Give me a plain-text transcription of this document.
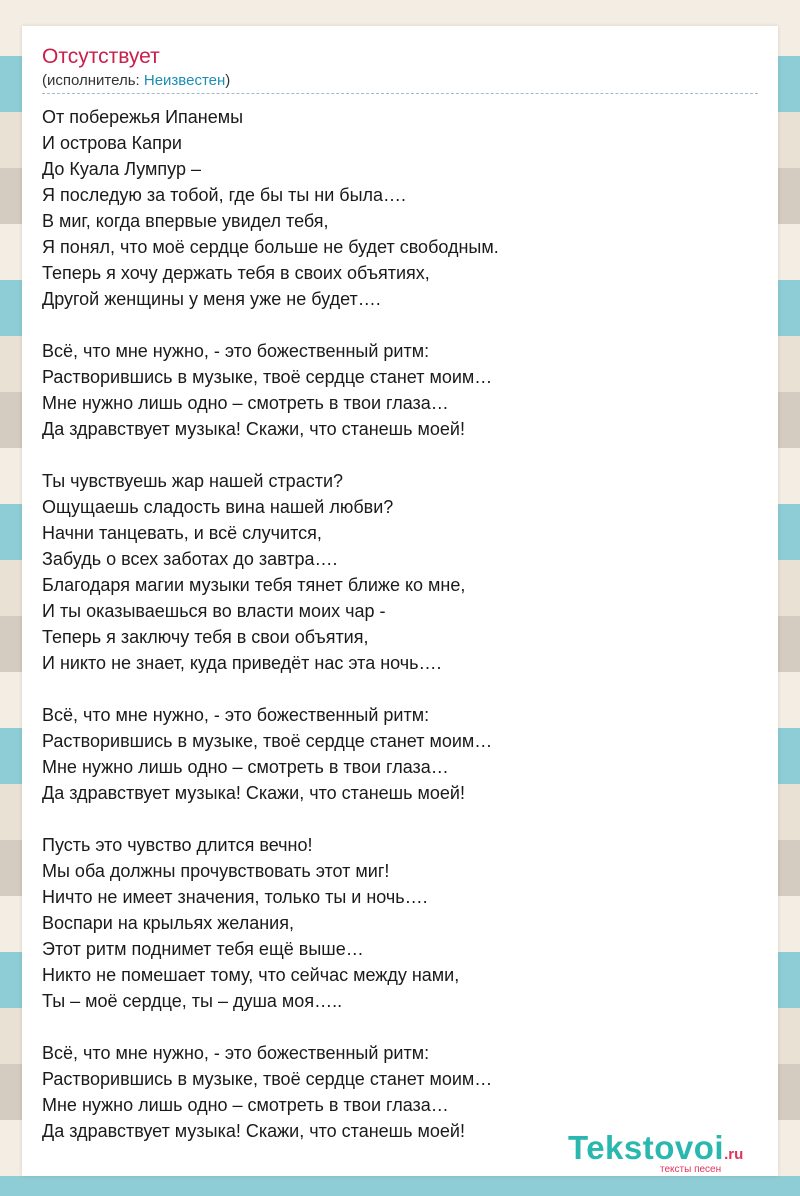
Отсутствует
(исполнитель: Неизвестен)
От побережья Ипанемы
И острова Капри
До Куала Лумпур –
Я последую за тобой, где бы ты ни была….
В миг, когда впервые увидел тебя,
Я понял, что моё сердце больше не будет свободным.
Теперь я хочу держать тебя в своих объятиях,
Другой женщины у меня уже не будет….
Всё, что мне нужно, - это божественный ритм:
Растворившись в музыке, твоё сердце станет моим…
Мне нужно лишь одно – смотреть в твои глаза…
Да здравствует музыка! Скажи, что станешь моей!
Ты чувствуешь жар нашей страсти?
Ощущаешь сладость вина нашей любви?
Начни танцевать, и всё случится,
Забудь о всех заботах до завтра….
Благодаря магии музыки тебя тянет ближе ко мне,
И ты оказываешься во власти моих чар -
Теперь я заключу тебя в свои объятия,
И никто не знает, куда приведёт нас эта ночь….
Всё, что мне нужно, - это божественный ритм:
Растворившись в музыке, твоё сердце станет моим…
Мне нужно лишь одно – смотреть в твои глаза…
Да здравствует музыка! Скажи, что станешь моей!
Пусть это чувство длится вечно!
Мы оба должны прочувствовать этот миг!
Ничто не имеет значения, только ты и ночь….
Воспари на крыльях желания,
Этот ритм поднимет тебя ещё выше…
Никто не помешает тому, что сейчас между нами,
Ты – моё сердце, ты – душа моя…..
Всё, что мне нужно, - это божественный ритм:
Растворившись в музыке, твоё сердце станет моим…
Мне нужно лишь одно – смотреть в твои глаза…
Да здравствует музыка! Скажи, что станешь моей!	Tekstovoi.ru
тексты песен
